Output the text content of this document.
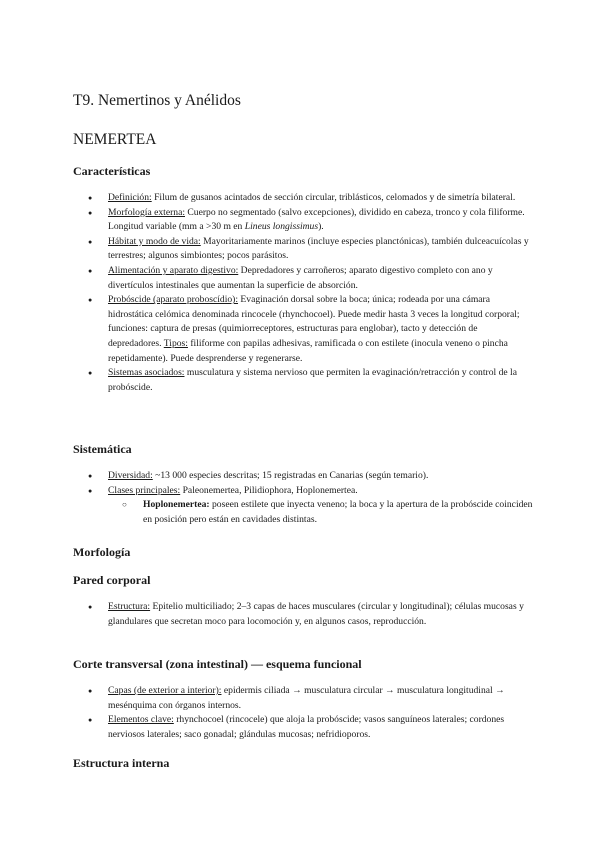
T9. Nemertinos y Anélidos
NEMERTEA
Características
● Definición: Filum de gusanos acintados de sección circular, triblásticos, celomados y de simetría bilateral.
● Morfología externa: Cuerpo no segmentado (salvo excepciones), dividido en cabeza, tronco y cola filiforme. Longitud variable (mm a >30 m en Lineus longissimus).
● Hábitat y modo de vida: Mayoritariamente marinos (incluye especies planctónicas), también dulceacuícolas y terrestres; algunos simbiontes; pocos parásitos.
● Alimentación y aparato digestivo: Depredadores y carroñeros; aparato digestivo completo con ano y divertículos intestinales que aumentan la superficie de absorción.
● Probóscide (aparato proboscídio): Evaginación dorsal sobre la boca; única; rodeada por una cámara hidrostática celómica denominada rincocele (rhynchocoel). Puede medir hasta 3 veces la longitud corporal; funciones: captura de presas (quimiorreceptores, estructuras para englobar), tacto y detección de depredadores. Tipos: filiforme con papilas adhesivas, ramificada o con estilete (inocula veneno o pincha repetidamente). Puede desprenderse y regenerarse.
● Sistemas asociados: musculatura y sistema nervioso que permiten la evaginación/retracción y control de la probóscide.
Sistemática
● Diversidad: ~13 000 especies descritas; 15 registradas en Canarias (según temario).
● Clases principales: Paleonemertea, Pilidiophora, Hoplonemertea.
○ Hoplonemertea: poseen estilete que inyecta veneno; la boca y la apertura de la probóscide coinciden en posición pero están en cavidades distintas.
Morfología
Pared corporal
● Estructura: Epitelio multiciliado; 2–3 capas de haces musculares (circular y longitudinal); células mucosas y glandulares que secretan moco para locomoción y, en algunos casos, reproducción.
Corte transversal (zona intestinal) — esquema funcional
● Capas (de exterior a interior): epidermis ciliada → musculatura circular → musculatura longitudinal → mesénquima con órganos internos.
● Elementos clave: rhynchocoel (rincocele) que aloja la probóscide; vasos sanguíneos laterales; cordones nerviosos laterales; saco gonadal; glándulas mucosas; nefridioporos.
Estructura interna
